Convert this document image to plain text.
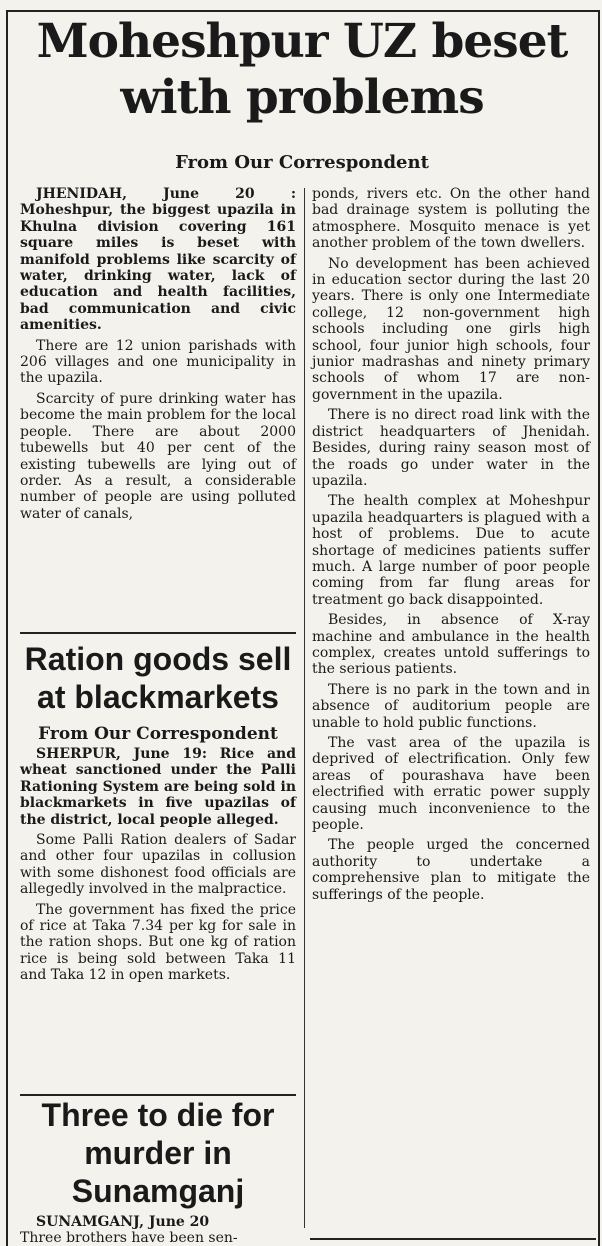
Moheshpur UZ beset with problems

From Our Correspondent

JHENIDAH, June 20 : Moheshpur, the biggest upazila in Khulna division covering 161 square miles is beset with manifold problems like scarcity of water, drinking water, lack of education and health facilities, bad communication and civic amenities.

There are 12 union parishads with 206 villages and one municipality in the upazila.

Scarcity of pure drinking water has become the main problem for the local people. There are about 2000 tubewells but 40 per cent of the existing tubewells are lying out of order. As a result, a considerable number of people are using polluted water of canals,

ponds, rivers etc. On the other hand bad drainage system is polluting the atmosphere. Mosquito menace is yet another problem of the town dwellers.

No development has been achieved in education sector during the last 20 years. There is only one Intermediate college, 12 non-government high schools including one girls high school, four junior high schools, four junior madrashas and ninety primary schools of whom 17 are non-government in the upazila.

There is no direct road link with the district headquarters of Jhenidah. Besides, during rainy season most of the roads go under water in the upazila.

The health complex at Moheshpur upazila headquarters is plagued with a host of problems. Due to acute shortage of medicines patients suffer much. A large number of poor people coming from far flung areas for treatment go back disappointed.

Besides, in absence of X-ray machine and ambulance in the health complex, creates untold sufferings to the serious patients.

There is no park in the town and in absence of auditorium people are unable to hold public functions.

The vast area of the upazila is deprived of electrification. Only few areas of pourashava have been electrified with erratic power supply causing much inconvenience to the people.

The people urged the concerned authority to undertake a comprehensive plan to mitigate the sufferings of the people.

Ration goods sell at blackmarkets

From Our Correspondent

SHERPUR, June 19: Rice and wheat sanctioned under the Palli Rationing System are being sold in blackmarkets in five upazilas of the district, local people alleged.

Some Palli Ration dealers of Sadar and other four upazilas in collusion with some dishonest food officials are allegedly involved in the malpractice.

The government has fixed the price of rice at Taka 7.34 per kg for sale in the ration shops. But one kg of ration rice is being sold between Taka 11 and Taka 12 in open markets.

Three to die for murder in Sunamganj

SUNAMGANJ, June 20
Three brothers have been sen-
